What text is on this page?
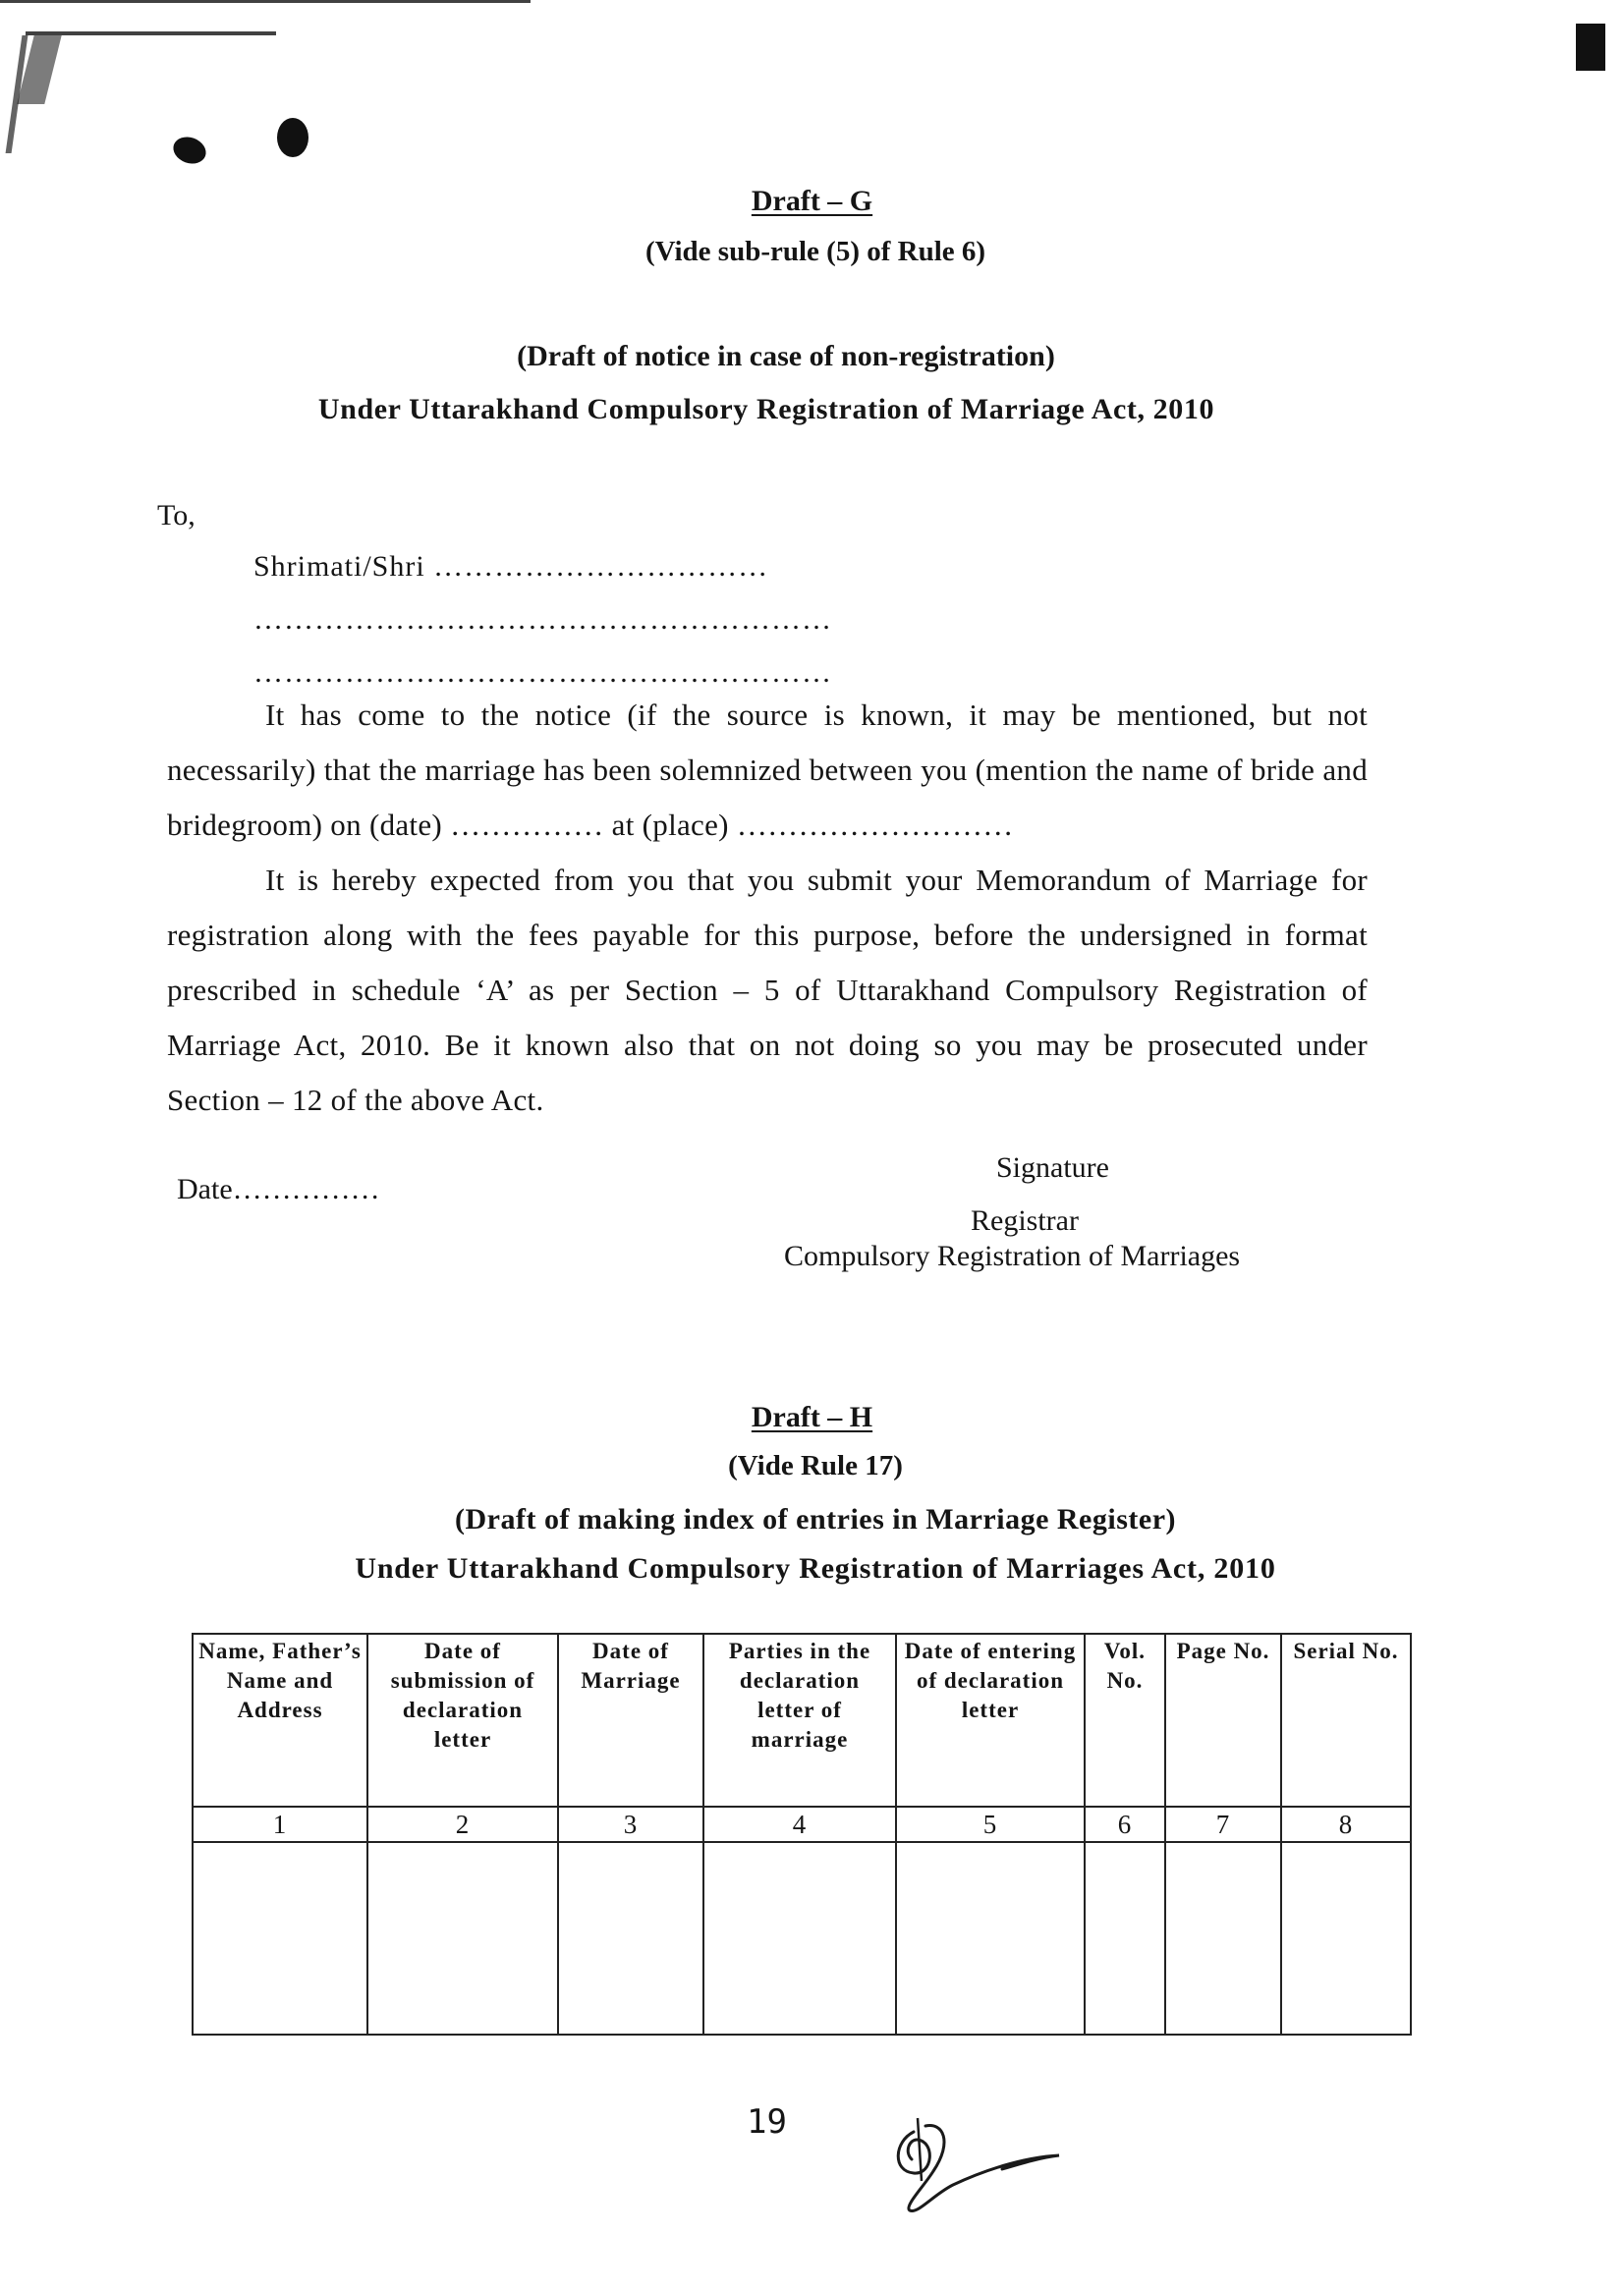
Draft – G
(Vide sub-rule (5) of Rule 6)
(Draft of notice in case of non-registration)
Under Uttarakhand Compulsory Registration of Marriage Act, 2010
To,
Shrimati/Shri ……………………………
…………………………………………………
…………………………………………………

It has come to the notice (if the source is known, it may be mentioned, but not necessarily) that the marriage has been solemnized between you (mention the name of bride and bridegroom) on (date) …………… at (place) ………………………

It is hereby expected from you that you submit your Memorandum of Marriage for registration along with the fees payable for this purpose, before the undersigned in format prescribed in schedule ‘A’ as per Section – 5 of Uttarakhand Compulsory Registration of Marriage Act, 2010. Be it known also that on not doing so you may be prosecuted under Section – 12 of the above Act.

Date……………
Signature
Registrar
Compulsory Registration of Marriages
Draft – H
(Vide Rule 17)
(Draft of making index of entries in Marriage Register)
Under Uttarakhand Compulsory Registration of Marriages Act, 2010
Name, Father’s Name and Address	Date of submission of declaration letter	Date of Marriage	Parties in the declaration letter of marriage	Date of entering of declaration letter	Vol. No.	Page No.	Serial No.
1	2	3	4	5	6	7	8

19
